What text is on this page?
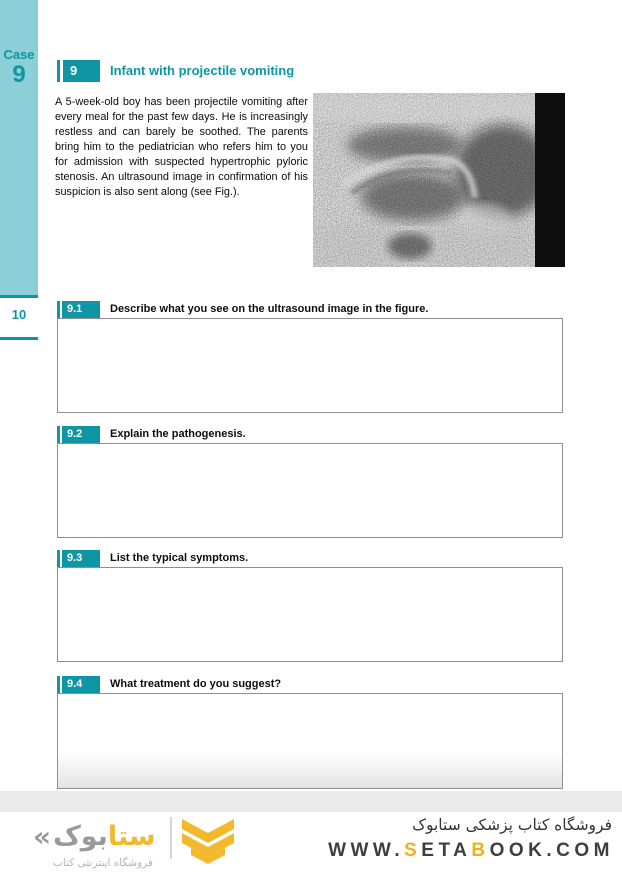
Case
9
10
9	Infant with projectile vomiting
A 5-week-old boy has been projectile vomiting after every meal for the past few days. He is increasingly restless and can barely be soothed. The parents bring him to the pediatrician who refers him to you for admission with suspected hypertrophic pyloric stenosis. An ultrasound image in confirmation of his suspicion is also sent along (see Fig.).
9.1	Describe what you see on the ultrasound image in the figure.
9.2	Explain the pathogenesis.
9.3	List the typical symptoms.
9.4	What treatment do you suggest?
«	ستابوک
فروشگاه اینترنتی کتاب
فروشگاه کتاب پزشکی ستابوک
WWW.SETABOOK.COM
